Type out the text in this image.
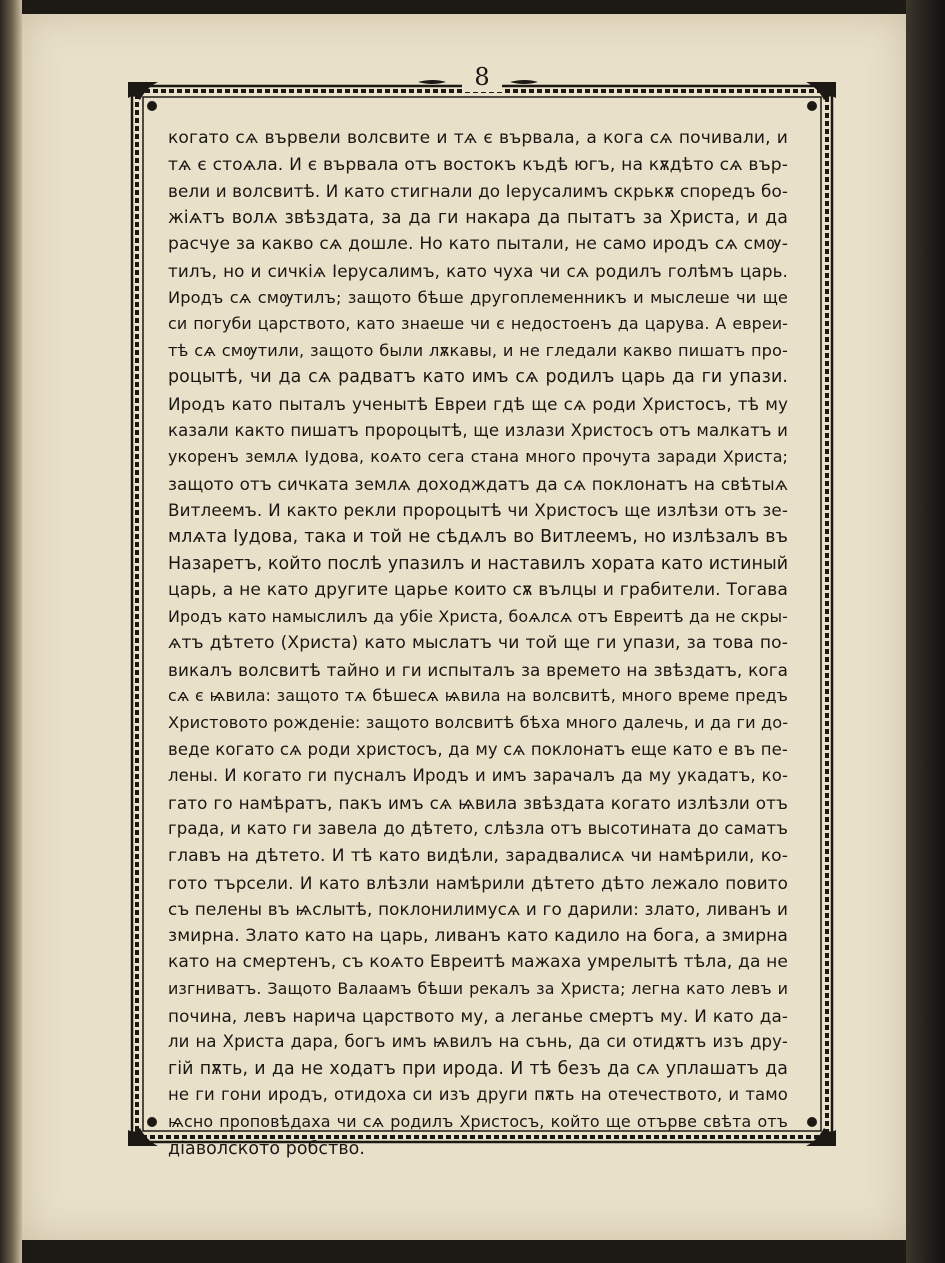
8
когато сѧ вървели волсвите и тѧ є вървала, а кога сѧ почивали, и
тѧ є стоѧла. И є вървала отъ востокъ къдѣ югъ, на кѫдѣто сѧ вър-
вели и волсвитѣ. И като стигнали до Іерусалимъ скрькѫ споредъ бо-
жіѧтъ волѧ звѣздата, за да ги накара да пытатъ за Христа, и да
расчуе за какво сѧ дошле. Но като пытали, не само иродъ сѧ смѹ-
тилъ, но и сичкіѧ Іерусалимъ, като чуха чи сѧ родилъ голѣмъ царь.
Иродъ сѧ смѹтилъ; защото бѣше другоплеменникъ и мыслеше чи ще
си погуби царството, като знаеше чи є недостоенъ да царува. А евреи-
тѣ сѧ смѹтили, защото были лѫкавы, и не гледали какво пишатъ про-
роцытѣ, чи да сѧ радватъ като имъ сѧ родилъ царь да ги упази.
Иродъ като пыталъ ученытѣ Евреи гдѣ ще сѧ роди Христосъ, тѣ му
казали както пишатъ пророцытѣ, ще излази Христосъ отъ малкатъ и
укоренъ землѧ Іудова, коѧто сега стана много прочута заради Христа;
защото отъ сичката землѧ доходждатъ да сѧ поклонатъ на свѣтыѧ
Витлеемъ. И както рекли пророцытѣ чи Христосъ ще излѣзи отъ зе-
млѧта Іудова, така и той не сѣдѧлъ во Витлеемъ, но излѣзалъ въ
Назаретъ, който послѣ упазилъ и наставилъ хората като истиный
царь, а не като другите царье които сѫ вълцы и грабители. Тогава
Иродъ като намыслилъ да убіе Христа, боѧлсѧ отъ Евреитѣ да не скры-
ѧтъ дѣтето (Христа) като мыслатъ чи той ще ги упази, за това по-
викалъ волсвитѣ тайно и ги испыталъ за времето на звѣздатъ, кога
сѧ є ѩвила: защото тѧ бѣшесѧ ѩвила на волсвитѣ, много време предъ
Христовото рожденіе: защото волсвитѣ бѣха много далечь, и да ги до-
веде когато сѧ роди христосъ, да му сѧ поклонатъ еще като е въ пе-
лены. И когато ги пусналъ Иродъ и имъ зарачалъ да му укадатъ, ко-
гато го намѣратъ, пакъ имъ сѧ ѩвила звѣздата когато излѣзли отъ
града, и като ги завела до дѣтето, слѣзла отъ высотината до саматъ
главъ на дѣтето. И тѣ като видѣли, зарадвалисѧ чи намѣрили, ко-
гото търсели. И като влѣзли намѣрили дѣтето дѣто лежало повито
съ пелены въ ѩслытѣ, поклонилимусѧ и го дарили: злато, ливанъ и
змирна. Злато като на царь, ливанъ като кадило на бога, а змирна
като на смертенъ, съ коѧто Евреитѣ мажаха умрелытѣ тѣла, да не
изгниватъ. Защото Валаамъ бѣши рекалъ за Христа; легна като левъ и
почина, левъ нарича царството му, а леганье смертъ му. И като да-
ли на Христа дара, богъ имъ ѩвилъ на сънь, да си отидѫтъ изъ дру-
гій пѫть, и да не ходатъ при ирода. И тѣ безъ да сѧ уплашатъ да
не ги гони иродъ, отидоха си изъ други пѫть на отечеството, и тамо
ѩсно проповѣдаха чи сѧ родилъ Христосъ, който ще отърве свѣта отъ
діаволското робство.
